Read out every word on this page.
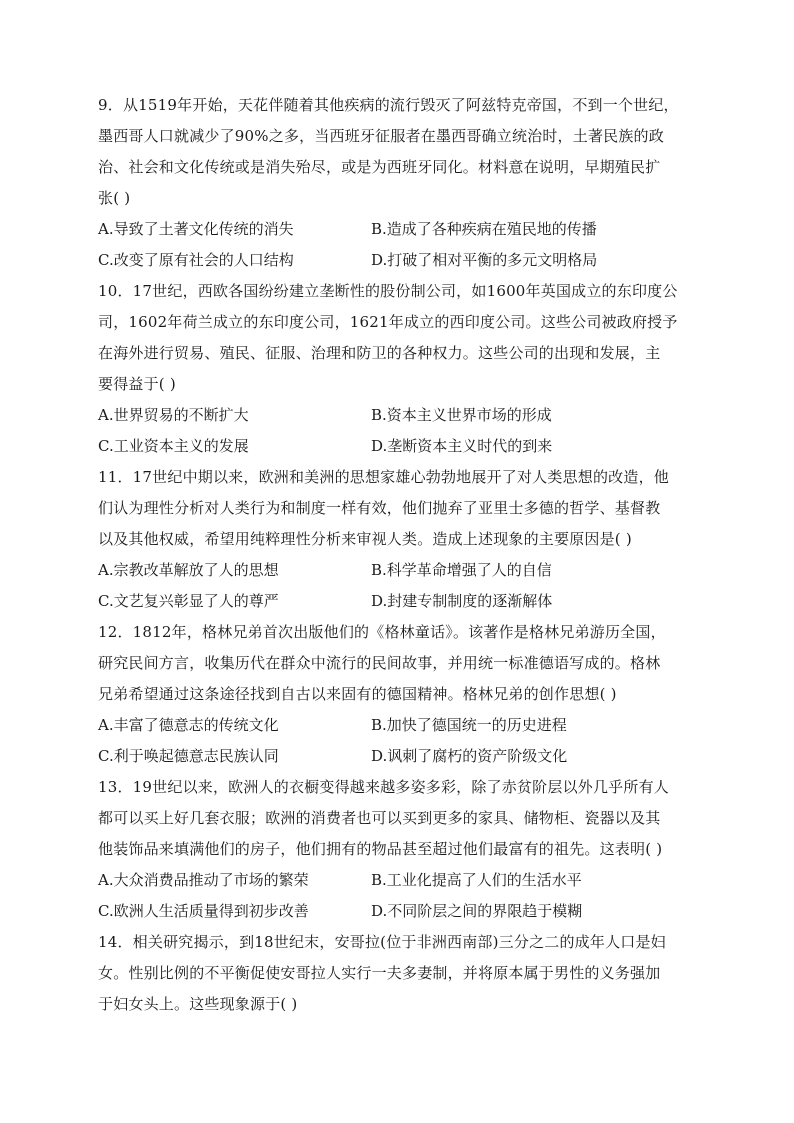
9．从1519年开始，天花伴随着其他疾病的流行毁灭了阿兹特克帝国，不到一个世纪，
墨西哥人口就减少了90%之多，当西班牙征服者在墨西哥确立统治时，土著民族的政
治、社会和文化传统或是消失殆尽，或是为西班牙同化。材料意在说明，早期殖民扩
张( )
A.导致了土著文化传统的消失	B.造成了各种疾病在殖民地的传播
C.改变了原有社会的人口结构	D.打破了相对平衡的多元文明格局
10．17世纪，西欧各国纷纷建立垄断性的股份制公司，如1600年英国成立的东印度公
司，1602年荷兰成立的东印度公司，1621年成立的西印度公司。这些公司被政府授予
在海外进行贸易、殖民、征服、治理和防卫的各种权力。这些公司的出现和发展，主
要得益于( )
A.世界贸易的不断扩大	B.资本主义世界市场的形成
C.工业资本主义的发展	D.垄断资本主义时代的到来
11．17世纪中期以来，欧洲和美洲的思想家雄心勃勃地展开了对人类思想的改造，他
们认为理性分析对人类行为和制度一样有效，他们抛弃了亚里士多德的哲学、基督教
以及其他权威，希望用纯粹理性分析来审视人类。造成上述现象的主要原因是( )
A.宗教改革解放了人的思想	B.科学革命增强了人的自信
C.文艺复兴彰显了人的尊严	D.封建专制制度的逐渐解体
12．1812年，格林兄弟首次出版他们的《格林童话》。该著作是格林兄弟游历全国，
研究民间方言，收集历代在群众中流行的民间故事，并用统一标准德语写成的。格林
兄弟希望通过这条途径找到自古以来固有的德国精神。格林兄弟的创作思想( )
A.丰富了德意志的传统文化	B.加快了德国统一的历史进程
C.利于唤起德意志民族认同	D.讽刺了腐朽的资产阶级文化
13．19世纪以来，欧洲人的衣橱变得越来越多姿多彩，除了赤贫阶层以外几乎所有人
都可以买上好几套衣服；欧洲的消费者也可以买到更多的家具、储物柜、瓷器以及其
他装饰品来填满他们的房子，他们拥有的物品甚至超过他们最富有的祖先。这表明( )
A.大众消费品推动了市场的繁荣	B.工业化提高了人们的生活水平
C.欧洲人生活质量得到初步改善	D.不同阶层之间的界限趋于模糊
14．相关研究揭示，到18世纪末，安哥拉(位于非洲西南部)三分之二的成年人口是妇
女。性别比例的不平衡促使安哥拉人实行一夫多妻制，并将原本属于男性的义务强加
于妇女头上。这些现象源于( )
